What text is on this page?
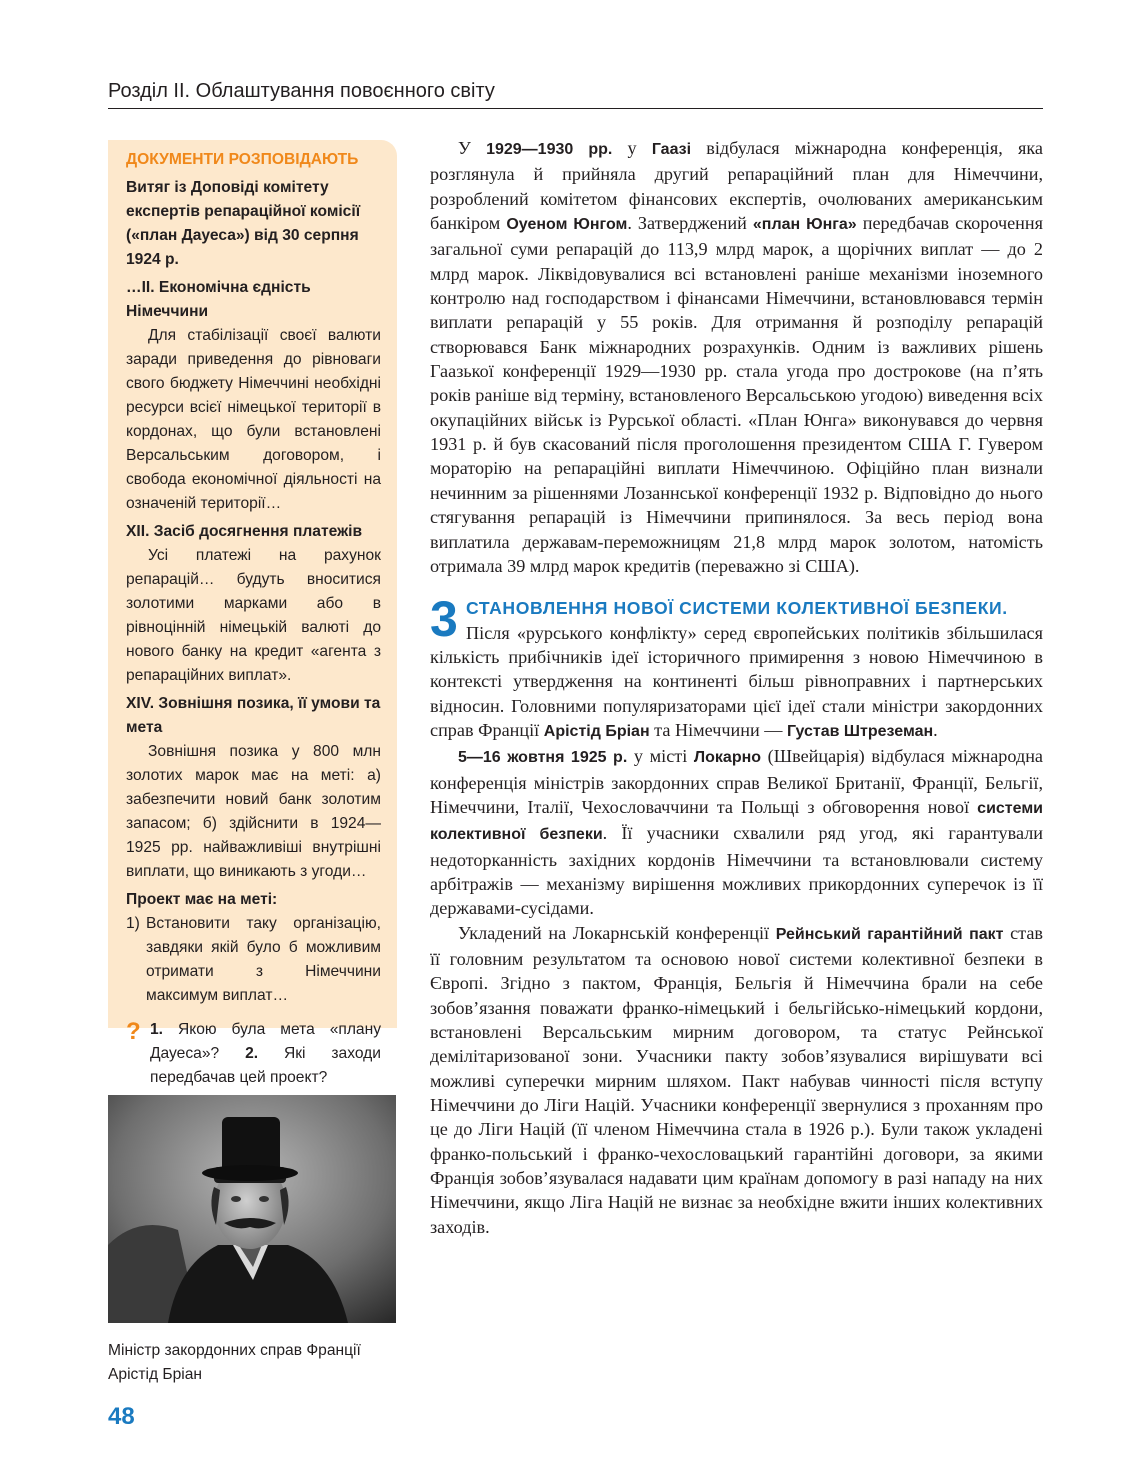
Розділ ІІ. Облаштування повоєнного світу
ДОКУМЕНТИ РОЗПОВІДАЮТЬ

Витяг із Доповіді комітету експертів репараційної комісії («план Дауеса») від 30 серпня 1924 р.

…ІІ. Економічна єдність Німеччини

Для стабілізації своєї валюти заради приведення до рівноваги свого бюджету Німеччині необхідні ресурси всієї німецької території в кордонах, що були встановлені Версальським договором, і свобода економічної діяльності на означеній території…

ХІІ. Засіб досягнення платежів

Усі платежі на рахунок репарацій… будуть вноситися золотими марками або в рівноцінній німецькій валюті до нового банку на кредит «агента з репараційних виплат».

XIV. Зовнішня позика, її умови та мета

Зовнішня позика у 800 млн золотих марок має на меті: а) забезпечити новий банк золотим запасом; б) здійснити в 1924—1925 рр. найважливіші внутрішні виплати, що виникають з угоди…

Проект має на меті:

1) Встановити таку організацію, завдяки якій було б можливим отримати з Німеччини максимум виплат…
? 1. Якою була мета «плану Дауеса»? 2. Які заходи передбачав цей проект?
Міністр закордонних справ Франції Арістід Бріан

У 1929—1930 рр. у Гаазі відбулася міжнародна конференція, яка розглянула й прийняла другий репараційний план для Німеччини, розроблений комітетом фінансових експертів, очолюваних американським банкіром Оуеном Юнгом. Затверджений «план Юнга» передбачав скорочення загальної суми репарацій до 113,9 млрд марок, а щорічних виплат — до 2 млрд марок. Ліквідовувалися всі встановлені раніше механізми іноземного контролю над господарством і фінансами Німеччини, встановлювався термін виплати репарацій у 55 років. Для отримання й розподілу репарацій створювався Банк міжнародних розрахунків. Одним із важливих рішень Гаазької конференції 1929—1930 рр. стала угода про дострокове (на п’ять років раніше від терміну, встановленого Версальською угодою) виведення всіх окупаційних військ із Рурської області. «План Юнга» виконувався до червня 1931 р. й був скасований після проголошення президентом США Г. Гувером мораторію на репараційні виплати Німеччиною. Офіційно план визнали нечинним за рішеннями Лозаннської конференції 1932 р. Відповідно до нього стягування репарацій із Німеччини припинялося. За весь період вона виплатила державам-переможницям 21,8 млрд марок золотом, натомість отримала 39 млрд марок кредитів (переважно зі США).

3 СТАНОВЛЕННЯ НОВОЇ СИСТЕМИ КОЛЕКТИВНОЇ БЕЗПЕКИ.

Після «рурського конфлікту» серед європейських політиків збільшилася кількість прибічників ідеї історичного примирення з новою Німеччиною в контексті утвердження на континенті більш рівноправних і партнерських відносин. Головними популяризаторами цієї ідеї стали міністри закордонних справ Франції Арістід Бріан та Німеччини — Густав Штреземан.

5—16 жовтня 1925 р. у місті Локарно (Швейцарія) відбулася міжнародна конференція міністрів закордонних справ Великої Британії, Франції, Бельгії, Німеччини, Італії, Чехословаччини та Польщі з обговорення нової системи колективної безпеки. Її учасники схвалили ряд угод, які гарантували недоторканність західних кордонів Німеччини та встановлювали систему арбітражів — механізму вирішення можливих прикордонних суперечок із її державами-сусідами.

Укладений на Локарнській конференції Рейнський гарантійний пакт став її головним результатом та основою нової системи колективної безпеки в Європі. Згідно з пактом, Франція, Бельгія й Німеччина брали на себе зобов’язання поважати франко-німецький і бельгійсько-німецький кордони, встановлені Версальським мирним договором, та статус Рейнської демілітаризованої зони. Учасники пакту зобов’язувалися вирішувати всі можливі суперечки мирним шляхом. Пакт набував чинності після вступу Німеччини до Ліги Націй. Учасники конференції звернулися з проханням про це до Ліги Націй (її членом Німеччина стала в 1926 р.). Були також укладені франко-польський і франко-чехословацький гарантійні договори, за якими Франція зобов’язувалася надавати цим країнам допомогу в разі нападу на них Німеччини, якщо Ліга Націй не визнає за необхідне вжити інших колективних заходів.

48
